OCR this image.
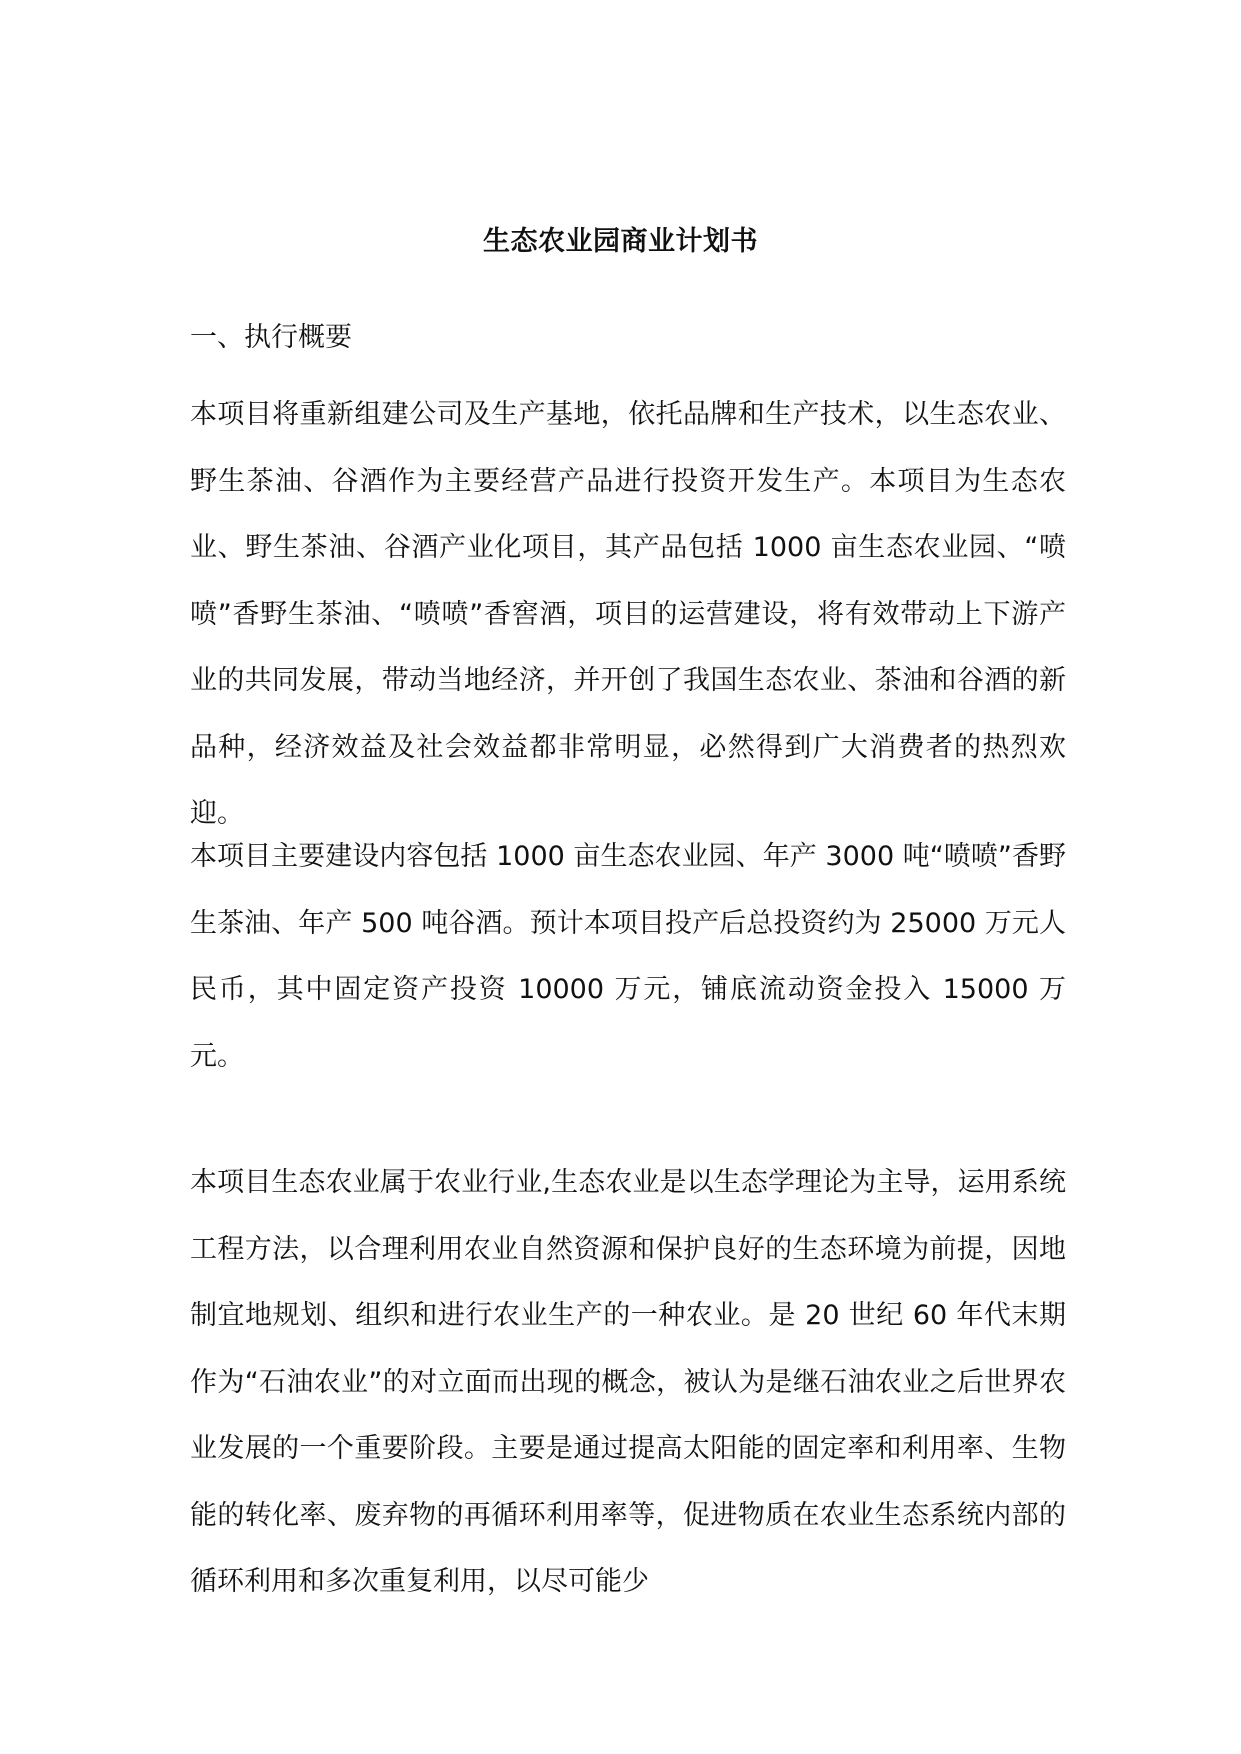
生态农业园商业计划书
一、执行概要

本项目将重新组建公司及生产基地，依托品牌和生产技术，以生态农业、野生茶油、谷酒作为主要经营产品进行投资开发生产。本项目为生态农业、野生茶油、谷酒产业化项目，其产品包括 1000 亩生态农业园、“喷喷”香野生茶油、“喷喷”香窖酒，项目的运营建设，将有效带动上下游产业的共同发展，带动当地经济，并开创了我国生态农业、茶油和谷酒的新品种，经济效益及社会效益都非常明显，必然得到广大消费者的热烈欢迎。

本项目主要建设内容包括 1000 亩生态农业园、年产 3000 吨“喷喷”香野生茶油、年产 500 吨谷酒。预计本项目投产后总投资约为 25000 万元人民币，其中固定资产投资 10000 万元，铺底流动资金投入 15000 万元。

本项目生态农业属于农业行业,生态农业是以生态学理论为主导，运用系统工程方法，以合理利用农业自然资源和保护良好的生态环境为前提，因地制宜地规划、组织和进行农业生产的一种农业。是 20 世纪 60 年代末期作为“石油农业”的对立面而出现的概念，被认为是继石油农业之后世界农业发展的一个重要阶段。主要是通过提高太阳能的固定率和利用率、生物能的转化率、废弃物的再循环利用率等，促进物质在农业生态系统内部的循环利用和多次重复利用，以尽可能少
